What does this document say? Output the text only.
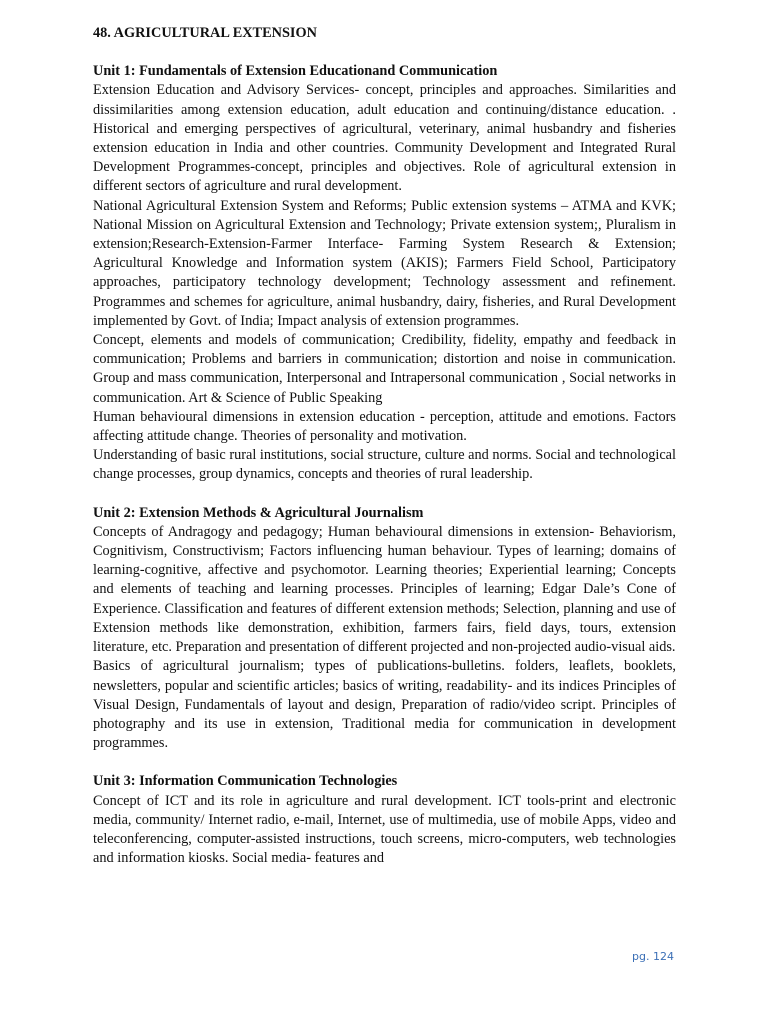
48. AGRICULTURAL EXTENSION

Unit 1: Fundamentals of Extension Educationand Communication

Extension Education and Advisory Services- concept, principles and approaches. Similarities and dissimilarities among extension education, adult education and continuing/distance education. . Historical and emerging perspectives of agricultural, veterinary, animal husbandry and fisheries extension education in India and other countries. Community Development and Integrated Rural Development Programmes-concept, principles and objectives. Role of agricultural extension in different sectors of agriculture and rural development.

National Agricultural Extension System and Reforms; Public extension systems – ATMA and KVK; National Mission on Agricultural Extension and Technology; Private extension system;, Pluralism in extension;Research-Extension-Farmer Interface- Farming System Research & Extension; Agricultural Knowledge and Information system (AKIS); Farmers Field School, Participatory approaches, participatory technology development; Technology assessment and refinement. Programmes and schemes for agriculture, animal husbandry, dairy, fisheries, and Rural Development implemented by Govt. of India; Impact analysis of extension programmes.

Concept, elements and models of communication; Credibility, fidelity, empathy and feedback in communication; Problems and barriers in communication; distortion and noise in communication. Group and mass communication, Interpersonal and Intrapersonal communication , Social networks in communication. Art & Science of Public Speaking

Human behavioural dimensions in extension education - perception, attitude and emotions. Factors affecting attitude change. Theories of personality and motivation.

Understanding of basic rural institutions, social structure, culture and norms. Social and technological change processes, group dynamics, concepts and theories of rural leadership.

Unit 2: Extension Methods & Agricultural Journalism

Concepts of Andragogy and pedagogy; Human behavioural dimensions in extension- Behaviorism, Cognitivism, Constructivism; Factors influencing human behaviour. Types of learning; domains of learning-cognitive, affective and psychomotor. Learning theories; Experiential learning; Concepts and elements of teaching and learning processes. Principles of learning; Edgar Dale’s Cone of Experience. Classification and features of different extension methods; Selection, planning and use of Extension methods like demonstration, exhibition, farmers fairs, field days, tours, extension literature, etc. Preparation and presentation of different projected and non-projected audio-visual aids.

Basics of agricultural journalism; types of publications-bulletins. folders, leaflets, booklets, newsletters, popular and scientific articles; basics of writing, readability- and its indices Principles of Visual Design, Fundamentals of layout and design, Preparation of radio/video script. Principles of photography and its use in extension, Traditional media for communication in development programmes.

Unit 3: Information Communication Technologies

Concept of ICT and its role in agriculture and rural development. ICT tools-print and electronic media, community/ Internet radio, e-mail, Internet, use of multimedia, use of mobile Apps, video and teleconferencing, computer-assisted instructions, touch screens, micro-computers, web technologies and information kiosks. Social media- features and

pg. 124
